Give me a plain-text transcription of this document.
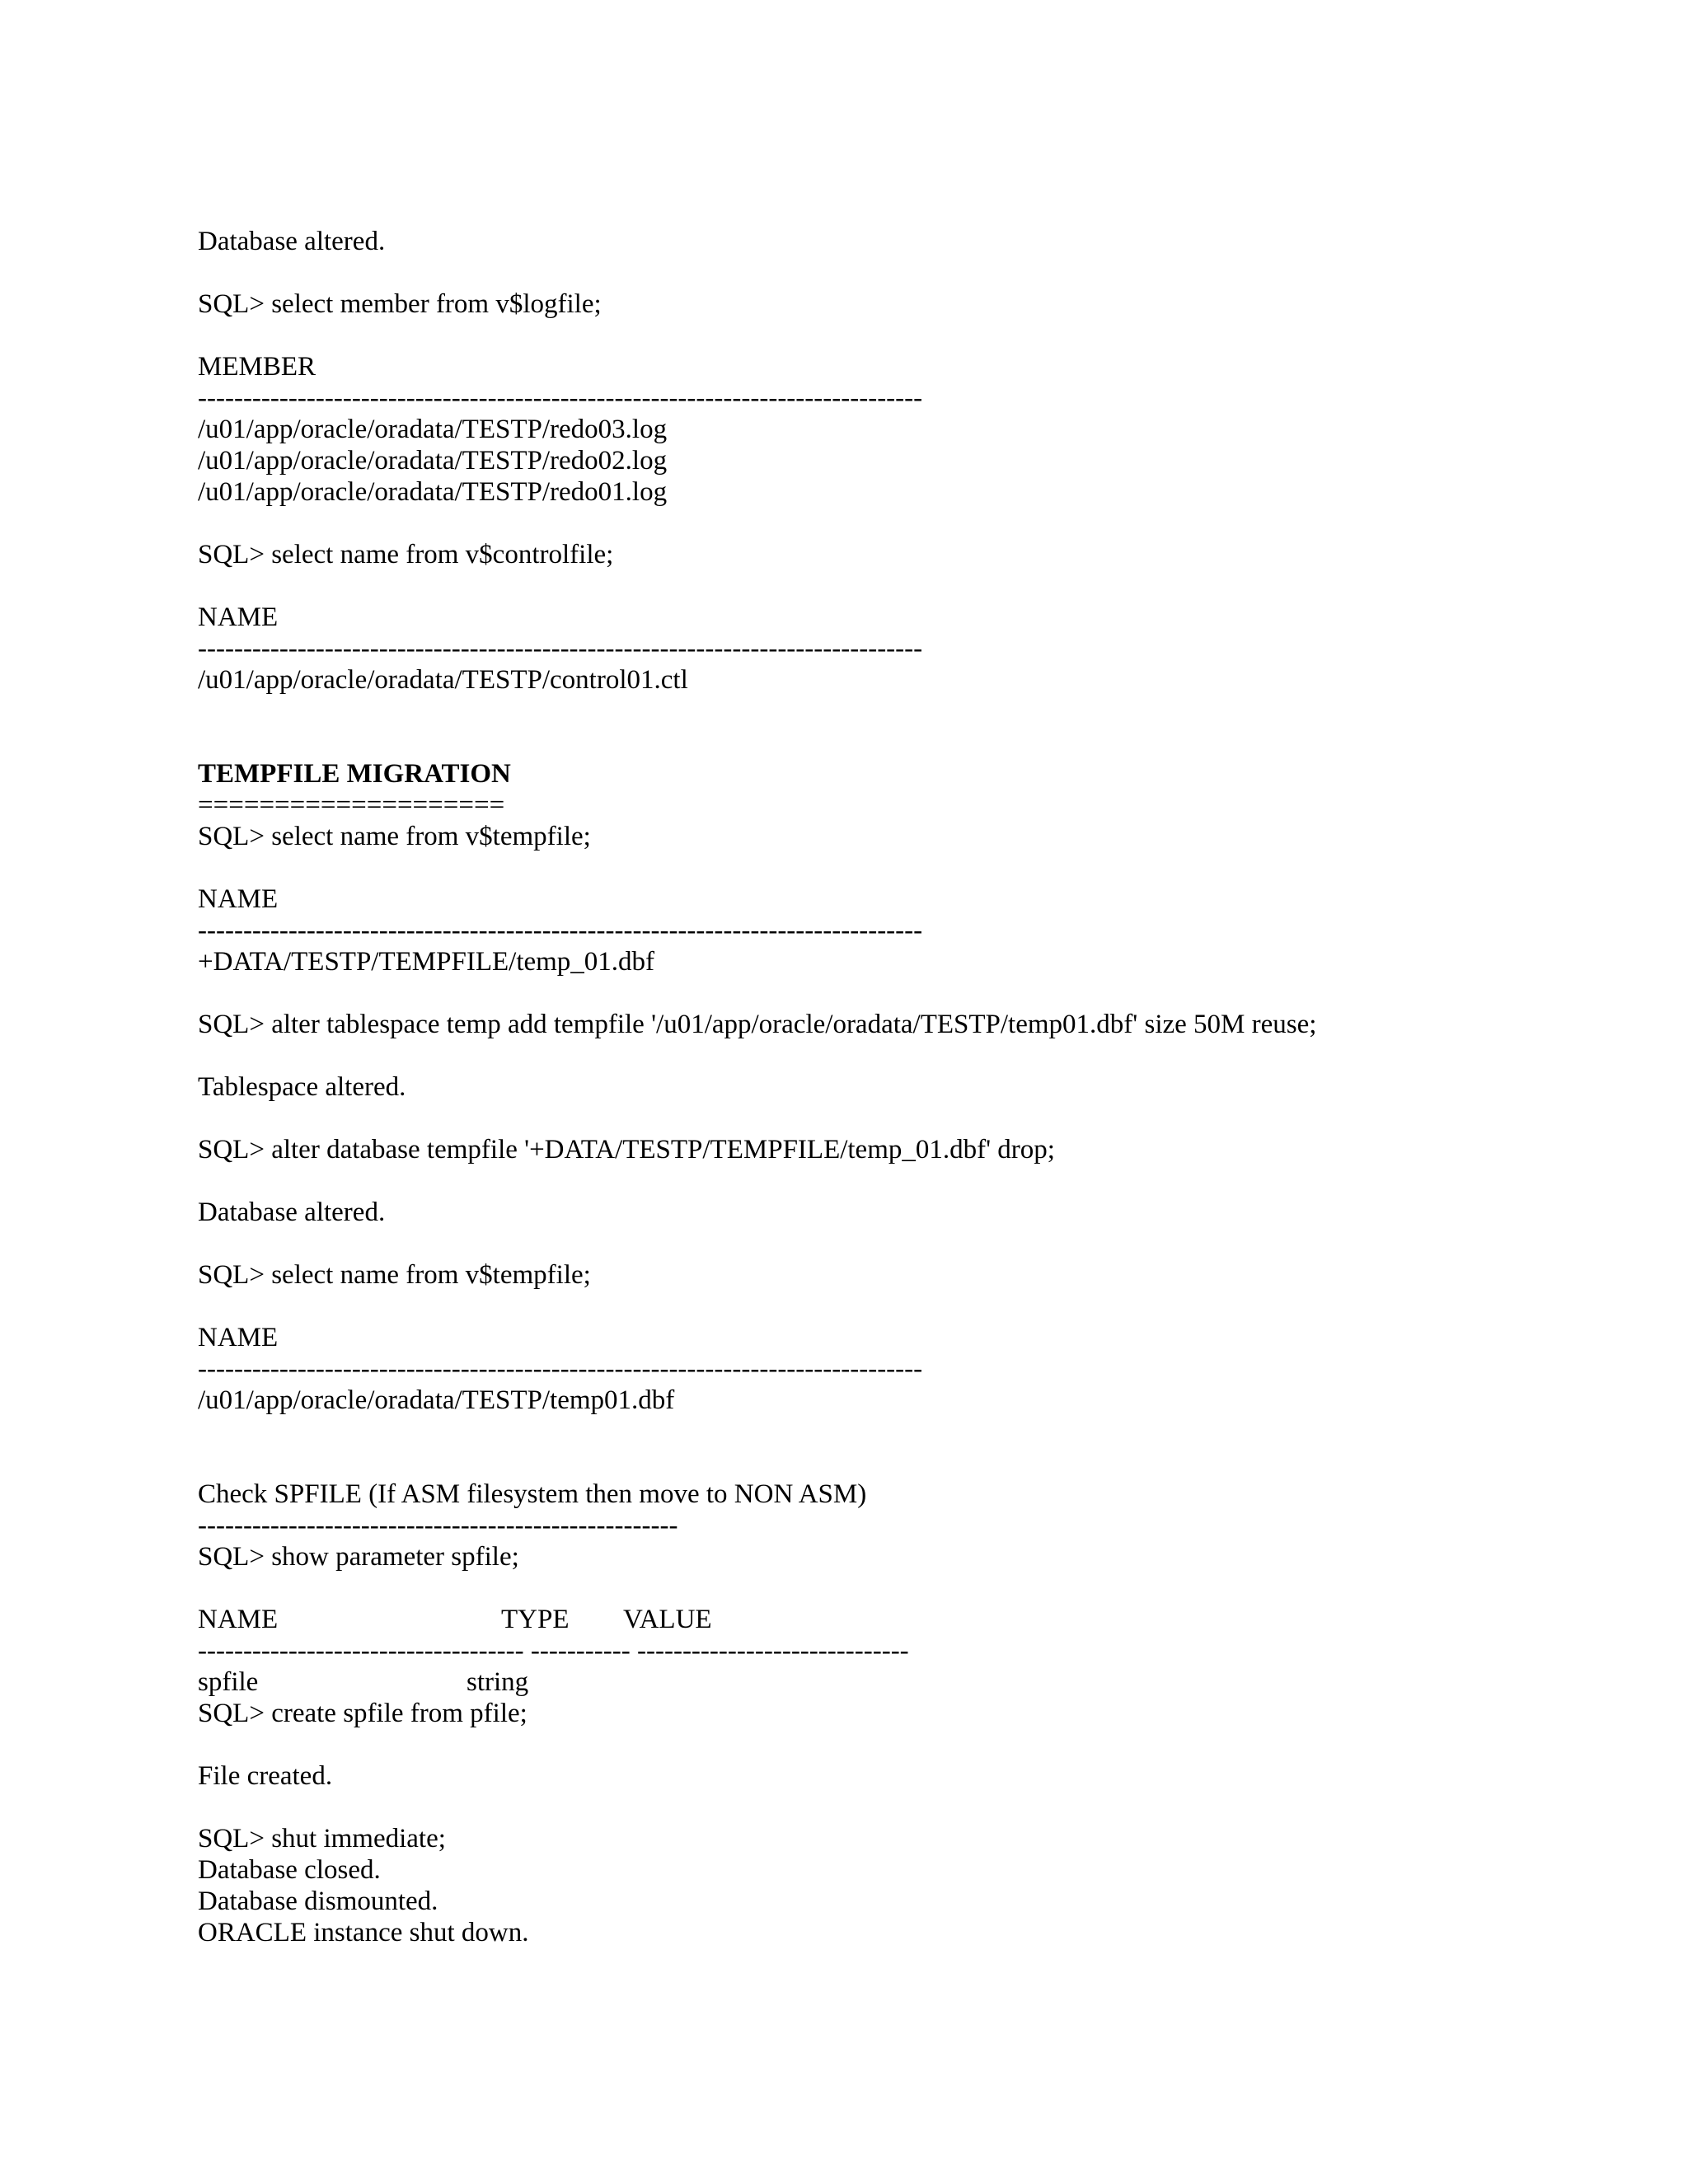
Database altered.

SQL> select member from v$logfile;

MEMBER

--------------------------------------------------------------------------------

/u01/app/oracle/oradata/TESTP/redo03.log

/u01/app/oracle/oradata/TESTP/redo02.log

/u01/app/oracle/oradata/TESTP/redo01.log

SQL> select name from v$controlfile;

NAME

--------------------------------------------------------------------------------

/u01/app/oracle/oradata/TESTP/control01.ctl

TEMPFILE MIGRATION

====================

SQL> select name from v$tempfile;

NAME

--------------------------------------------------------------------------------

+DATA/TESTP/TEMPFILE/temp_01.dbf

SQL> alter tablespace temp add tempfile '/u01/app/oracle/oradata/TESTP/temp01.dbf' size 50M reuse;

Tablespace altered.

SQL> alter database tempfile '+DATA/TESTP/TEMPFILE/temp_01.dbf' drop;

Database altered.

SQL> select name from v$tempfile;

NAME

--------------------------------------------------------------------------------

/u01/app/oracle/oradata/TESTP/temp01.dbf

Check SPFILE (If ASM filesystem then move to NON ASM)

-----------------------------------------------------

SQL> show parameter spfile;

NAME	TYPE VALUE

------------------------------------ ----------- ------------------------------

spfile	string

SQL> create spfile from pfile;

File created.

SQL> shut immediate;

Database closed.

Database dismounted.

ORACLE instance shut down.
